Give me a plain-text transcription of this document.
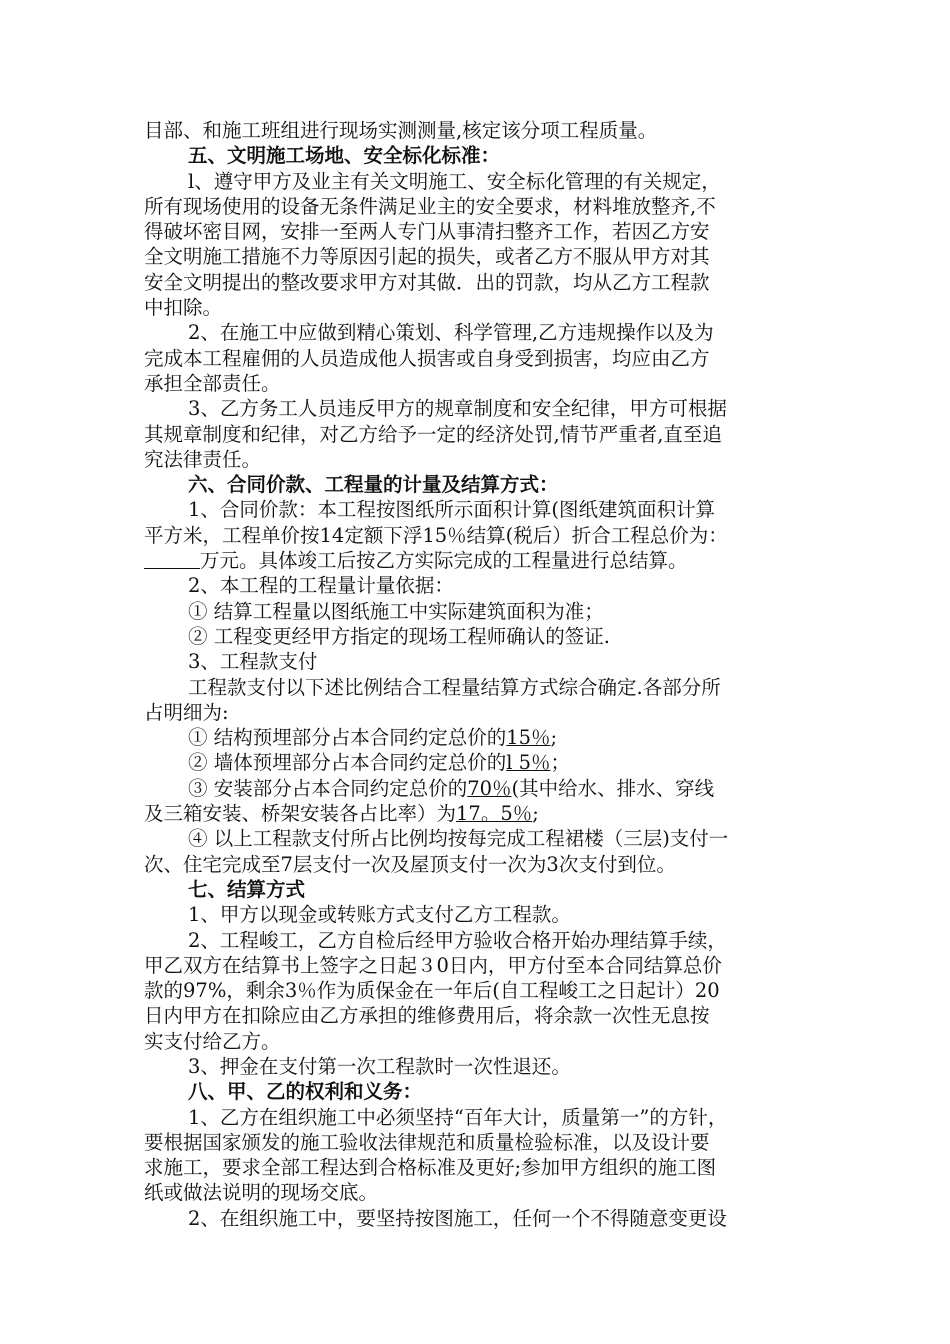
目部、和施工班组进行现场实测测量,核定该分项工程质量。
五、文明施工场地、安全标化标准：
l、遵守甲方及业主有关文明施工、安全标化管理的有关规定，
所有现场使用的设备无条件满足业主的安全要求，材料堆放整齐,不
得破坏密目网，安排一至两人专门从事清扫整齐工作，若因乙方安
全文明施工措施不力等原因引起的损失，或者乙方不服从甲方对其
安全文明提出的整改要求甲方对其做．出的罚款，均从乙方工程款
中扣除。
2、在施工中应做到精心策划、科学管理,乙方违规操作以及为
完成本工程雇佣的人员造成他人损害或自身受到损害，均应由乙方
承担全部责任。
3、乙方务工人员违反甲方的规章制度和安全纪律，甲方可根据
其规章制度和纪律，对乙方给予一定的经济处罚,情节严重者,直至追
究法律责任。
六、合同价款、工程量的计量及结算方式：
1、合同价款：本工程按图纸所示面积计算(图纸建筑面积计算
平方米，工程单价按14定额下浮15％结算(税后）折合工程总价为：
万元。具体竣工后按乙方实际完成的工程量进行总结算。
2、本工程的工程量计量依据：
① 结算工程量以图纸施工中实际建筑面积为准；
② 工程变更经甲方指定的现场工程师确认的签证.
3、工程款支付
工程款支付以下述比例结合工程量结算方式综合确定.各部分所
占明细为:
① 结构预埋部分占本合同约定总价的15％;
② 墙体预埋部分占本合同约定总价的l 5％；
③ 安装部分占本合同约定总价的70％(其中给水、排水、穿线
及三箱安装、桥架安装各占比率）为17。5％;
④ 以上工程款支付所占比例均按每完成工程裙楼（三层)支付一
次、住宅完成至7层支付一次及屋顶支付一次为3次支付到位。
七、结算方式
1、甲方以现金或转账方式支付乙方工程款。
2、工程峻工，乙方自检后经甲方验收合格开始办理结算手续，
甲乙双方在结算书上签字之日起３0日内，甲方付至本合同结算总价
款的97%，剩余3％作为质保金在一年后(自工程峻工之日起计）20
日内甲方在扣除应由乙方承担的维修费用后，将余款一次性无息按
实支付给乙方。
3、押金在支付第一次工程款时一次性退还。
八、甲、乙的权利和义务：
1、乙方在组织施工中必须坚持“百年大计，质量第一”的方针，
要根据国家颁发的施工验收法律规范和质量检验标准，以及设计要
求施工，要求全部工程达到合格标准及更好;参加甲方组织的施工图
纸或做法说明的现场交底。
2、在组织施工中，要坚持按图施工，任何一个不得随意变更设
